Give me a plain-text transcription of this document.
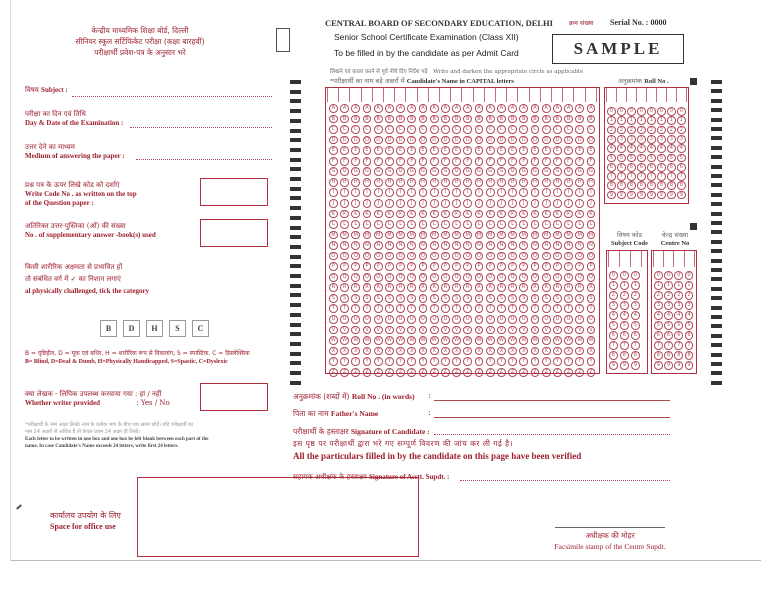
केन्द्रीय माध्यमिक शिक्षा बोर्ड, दिल्ली
सीनियर स्कूल सर्टिफिकेट परीक्षा (कक्षा बारहवीं)
परीक्षार्थी प्रवेश-पत्र के अनुसार भरे
विषय Subject :
परीक्षा का दिन एवं तिथि
Day & Date of the Examination :
उत्तर देने का माध्यम
Medium of answering the paper :
प्रश्न पत्र के ऊपर लिखे कोड को दर्शाएं
Write Code No . as written on the top
of the Question paper :
अतिरिक्त उत्तर-पुस्तिका (ओं) की संख्या
No . of supplementary answer -book(s) used
किसी शारीरिक अक्षमता से प्रभावित हों
तो संबंधित वर्ग में ✓ का निशान लगाएं
al physically challenged, tick the category
B	D	H	S	C
B = दृष्टिहीन, D = मूक एवं बधिर, H = शारीरिक रूप से विकलांग, S = स्पास्टिक, C = डिस्लेक्सिक
B= Blind, D=Deaf & Dumb, H=Physically Handicapped, S=Spastic, C=Dyslexic
क्या लेखक - लिपिक उपलब्ध करवाया गया : हां / नहीं
Whether writer provided	: Yes / No
*परीक्षार्थी के नाम अक्षर लिखें। नाम के प्रत्येक भाग के बीच एक खाना छोड़ें। यदि परीक्षार्थी का
नाम 24 अक्षरों से अधिक है तो केवल प्रथम 24 अक्षर ही लिखें।
Each letter to be written in one box and one box be left blank between each part of the
name. In case Candidate's Name exceeds 24 letters, write first 24 letters.
कार्यालय उपयोग के लिए
Space for office use
CENTRAL BOARD OF SECONDARY EDUCATION, DELHI क्रम संख्या Serial No. : 0000
Senior School Certificate Examination (Class XII)
To be filled in by the candidate as per Admit Card	SAMPLE
लिखने एवं काला करने से पूर्व नीचे दिए निर्देश पढ़ें Write and darken the appropriate circle as applicable
*परीक्षार्थी का नाम बड़े अक्षरों में Candidate's Name in CAPITAL letters	अनुक्रमांक Roll No .
A	A	A	A	A	A	A	A	A	A	A	A	A	A	A	A	A	A	A	A	A	A	A	A
B	B	B	B	B	B	B	B	B	B	B	B	B	B	B	B	B	B	B	B	B	B	B	B
C	C	C	C	C	C	C	C	C	C	C	C	C	C	C	C	C	C	C	C	C	C	C	C
D	D	D	D	D	D	D	D	D	D	D	D	D	D	D	D	D	D	D	D	D	D	D	D
E	E	E	E	E	E	E	E	E	E	E	E	E	E	E	E	E	E	E	E	E	E	E	E
F	F	F	F	F	F	F	F	F	F	F	F	F	F	F	F	F	F	F	F	F	F	F	F
G	G	G	G	G	G	G	G	G	G	G	G	G	G	G	G	G	G	G	G	G	G	G	G
H	H	H	H	H	H	H	H	H	H	H	H	H	H	H	H	H	H	H	H	H	H	H	H
I	I	I	I	I	I	I	I	I	I	I	I	I	I	I	I	I	I	I	I	I	I	I	I
J	J	J	J	J	J	J	J	J	J	J	J	J	J	J	J	J	J	J	J	J	J	J	J
K	K	K	K	K	K	K	K	K	K	K	K	K	K	K	K	K	K	K	K	K	K	K	K
L	L	L	L	L	L	L	L	L	L	L	L	L	L	L	L	L	L	L	L	L	L	L	L
M	M	M	M	M	M	M	M	M	M	M	M	M	M	M	M	M	M	M	M	M	M	M	M
N	N	N	N	N	N	N	N	N	N	N	N	N	N	N	N	N	N	N	N	N	N	N	N
O	O	O	O	O	O	O	O	O	O	O	O	O	O	O	O	O	O	O	O	O	O	O	O
P	P	P	P	P	P	P	P	P	P	P	P	P	P	P	P	P	P	P	P	P	P	P	P
Q	Q	Q	Q	Q	Q	Q	Q	Q	Q	Q	Q	Q	Q	Q	Q	Q	Q	Q	Q	Q	Q	Q	Q
R	R	R	R	R	R	R	R	R	R	R	R	R	R	R	R	R	R	R	R	R	R	R	R
S	S	S	S	S	S	S	S	S	S	S	S	S	S	S	S	S	S	S	S	S	S	S	S
T	T	T	T	T	T	T	T	T	T	T	T	T	T	T	T	T	T	T	T	T	T	T	T
U	U	U	U	U	U	U	U	U	U	U	U	U	U	U	U	U	U	U	U	U	U	U	U
V	V	V	V	V	V	V	V	V	V	V	V	V	V	V	V	V	V	V	V	V	V	V	V
W	W	W	W	W	W	W	W	W	W	W	W	W	W	W	W	W	W	W	W	W	W	W	W
X	X	X	X	X	X	X	X	X	X	X	X	X	X	X	X	X	X	X	X	X	X	X	X
Y	Y	Y	Y	Y	Y	Y	Y	Y	Y	Y	Y	Y	Y	Y	Y	Y	Y	Y	Y	Y	Y	Y	Y
Z	Z	Z	Z	Z	Z	Z	Z	Z	Z	Z	Z	Z	Z	Z	Z	Z	Z	Z	Z	Z	Z	Z	Z
0	0	0	0	0	0	0	0
1	1	1	1	1	1	1	1
2	2	2	2	2	2	2	2
3	3	3	3	3	3	3	3
4	4	4	4	4	4	4	4
5	5	5	5	5	5	5	5
6	6	6	6	6	6	6	6
7	7	7	7	7	7	7	7
8	8	8	8	8	8	8	8
9	9	9	9	9	9	9	9
विषय कोड
Subject Code
केन्द्र संख्या
Centre No
0	0	0
1	1	1
2	2	2
3	3	3
4	4	4
5	5	5
6	6	6
7	7	7
8	8	8
9	9	9
0	0	0	0
1	1	1	1
2	2	2	2
3	3	3	3
4	4	4	4
5	5	5	5
6	6	6	6
7	7	7	7
8	8	8	8
9	9	9	9
अनुक्रमांक (शब्दों में) Roll No . (in words) :
पिता का नाम Father's Name	:
परीक्षार्थी के हस्ताक्षर Signature of Candidate :
इस पृष्ठ पर परीक्षार्थी द्वारा भरे गए सम्पूर्ण विवरण की जांच कर ली गई है।
All the particulars filled in by the candidate on this page have been verified
सहायक अधीक्षक के हस्ताक्षर Signature of Asstt. Supdt. :
अधीक्षक की मोहर
Facsimile stamp of the Centre Supdt.
